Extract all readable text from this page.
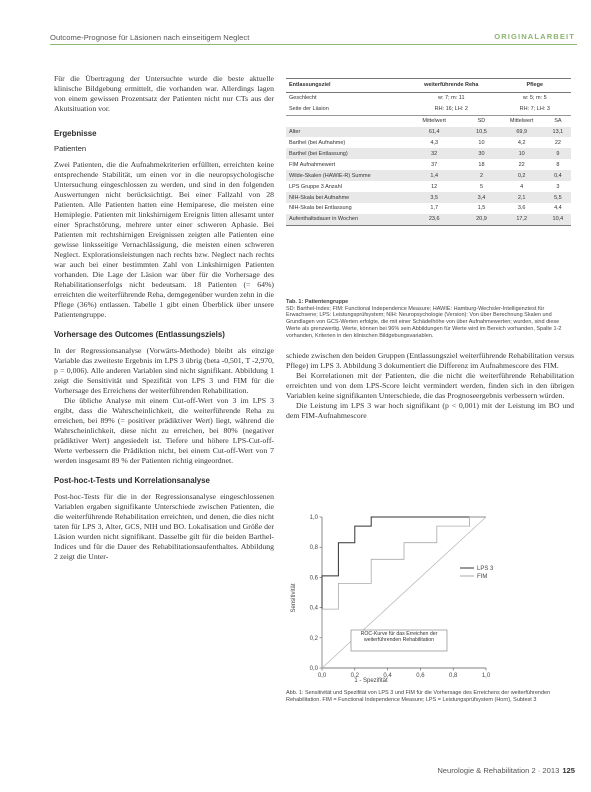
Outcome-Prognose für Läsionen nach einseitigem Neglect	ORIGINALARBEIT

Für die Übertragung der Untersuchte wurde die beste aktuelle klinische Bildgebung ermittelt, die vorhanden war. Allerdings lagen von einem gewissen Prozentsatz der Patienten nicht nur CTs aus der Akutsituation vor.

Ergebnisse
Patienten

Zwei Patienten, die die Aufnahmekriterien erfüllten, erreichten keine entsprechende Stabilität, um einen vor in die neuropsychologische Untersuchung eingeschlossen zu werden, und sind in den folgenden Auswertungen nicht berücksichtigt. Bei einer Fallzahl von 28 Patienten. Alle Patienten hatten eine Hemiparese, die meisten eine Hemiplegie. Patienten mit linkshirnigem Ereignis litten allesamt unter einer Sprachstörung, mehrere unter einer schweren Aphasie. Bei Patienten mit rechtshirnigen Ereignissen zeigten alle Patienten eine gewisse linksseitige Vernachlässigung, die meisten einen schweren Neglect. Explorationsleistungen nach rechts bzw. Neglect nach rechts war auch bei einer bestimmten Zahl von Linkshirnigen Patienten vorhanden. Die Lage der Läsion war über für die Vorhersage des Rehabilitationserfolgs nicht bedeutsam. 18 Patienten (= 64%) erreichten die weiterführende Reha, demgegenüber wurden zehn in die Pflege (36%) entlassen. Tabelle 1 gibt einen Überblick über unsere Patientengruppe.

Vorhersage des Outcomes (Entlassungsziels)

In der Regressionsanalyse (Vorwärts-Methode) bleibt als einzige Variable das zweiteste Ergebnis im LPS 3 übrig (beta -0,501, T -2,970, p = 0,006). Alle anderen Variablen sind nicht signifikant. Abbildung 1 zeigt die Sensitivität und Spezifität von LPS 3 und FIM für die Vorhersage des Erreichens der weiterführenden Rehabilitation.

Die übliche Analyse mit einem Cut-off-Wert von 3 im LPS 3 ergibt, dass die Wahrscheinlichkeit, die weiterführende Reha zu erreichen, bei 89% (= positiver prädiktiver Wert) liegt, während die Wahrscheinlichkeit, diese nicht zu erreichen, bei 80% (negativer prädiktiver Wert) angesiedelt ist. Tiefere und höhere LPS-Cut-off-Werte verbessern die Prädiktion nicht, bei einem Cut-off-Wert von 7 werden insgesamt 89 % der Patienten richtig eingeordnet.

Post-hoc-t-Tests und Korrelationsanalyse

Post-hoc-Tests für die in der Regressionsanalyse eingeschlossenen Variablen ergaben signifikante Unterschiede zwischen Patienten, die die weiterführende Rehabilitation erreichten, und denen, die dies nicht taten für LPS 3, Alter, GCS, NIH und BO. Lokalisation und Größe der Läsion wurden nicht signifikant. Dasselbe gilt für die beiden Barthel-Indices und für die Dauer des Rehabilitationsaufenthaltes. Abbildung 2 zeigt die Unter-

Entlassungsziel	weiterführende Reha		Pflege	
Geschlecht	w: 7; m: 11		w: 5; m: 5	
Seite der Läsion	RH: 16; LH: 2		RH: 7; LH: 3	
	Mittelwert	SD	Mittelwert	SA
Alter	61,4	10,5	69,9	13,1
Barthel (bei Aufnahme)	4,3	10	4,2	22
Barthel (bei Entlassung)	32	30	10	9
FIM Aufnahmewert	37	18	22	8
Wilde-Skalen (HAWIE-R) Summe	1,4	2	0,2	0,4
LPS Gruppe 3 Anzahl	12	5	4	3
NIH-Skala bei Aufnahme	3,5	3,4	2,1	5,5
NIH-Skala bei Entlassung	1,7	1,5	3,6	4,4
Aufenthaltsdauer in Wochen	23,6	20,9	17,2	10,4
Tab. 1: Patientengruppe
SD: Barthel-Index; FIM: Functional Independence Measure; HAWIE: Hamburg-Wechsler-Intelligenztest für Erwachsene; LPS: Leistungsprüfsystem; NIH: Neuropsychologie (Version): Von über Berechnung Skalen und Grundlagen von GCS-Werten erfolgte, die mit einer Schädelhöhe von über Aufnahmewerten; wurden, sind diese Werte als grenzwertig. Werte, können bei 96% sein Abbildungen für Werte wird im Bereich vorhanden, Spalte 1-2 vorhanden, Kriterien in den klinischen Bildgebungsvariablen.

schiede zwischen den beiden Gruppen (Entlassungsziel weiterführende Rehabilitation versus Pflege) im LPS 3. Abbildung 3 dokumentiert die Differenz im Aufnahmescore des FIM.

Bei Korrelationen mit der Patienten, die die nicht die weiterführende Rehabilitation erreichten und von dem LPS-Score leicht vermindert werden, finden sich in den übrigen Variablen keine signifikanten Unterschiede, die das Prognoseergebnis verbessern würden.

Die Leistung im LPS 3 war hoch signifikant (p < 0,001) mit der Leistung im BO und dem FIM-Aufnahmescore

Sensitivität
1 - Spezifität
0,0
0,0
0,2
0,2
0,4
0,4
0,6
0,6
0,8
0,8
1,0
1,0
LPS 3
FIM
ROC-Kurve für das Erreichen der weiterführenden Rehabilitation
Abb. 1: Sensitivität und Spezifität von LPS 3 und FIM für die Vorhersage des Erreichens der weiterführenden Rehabilitation. FIM = Functional Independence Measure; LPS = Leistungsprüfsystem (Horn), Subtest 3
Neurologie & Rehabilitation 2 · 2013 125
